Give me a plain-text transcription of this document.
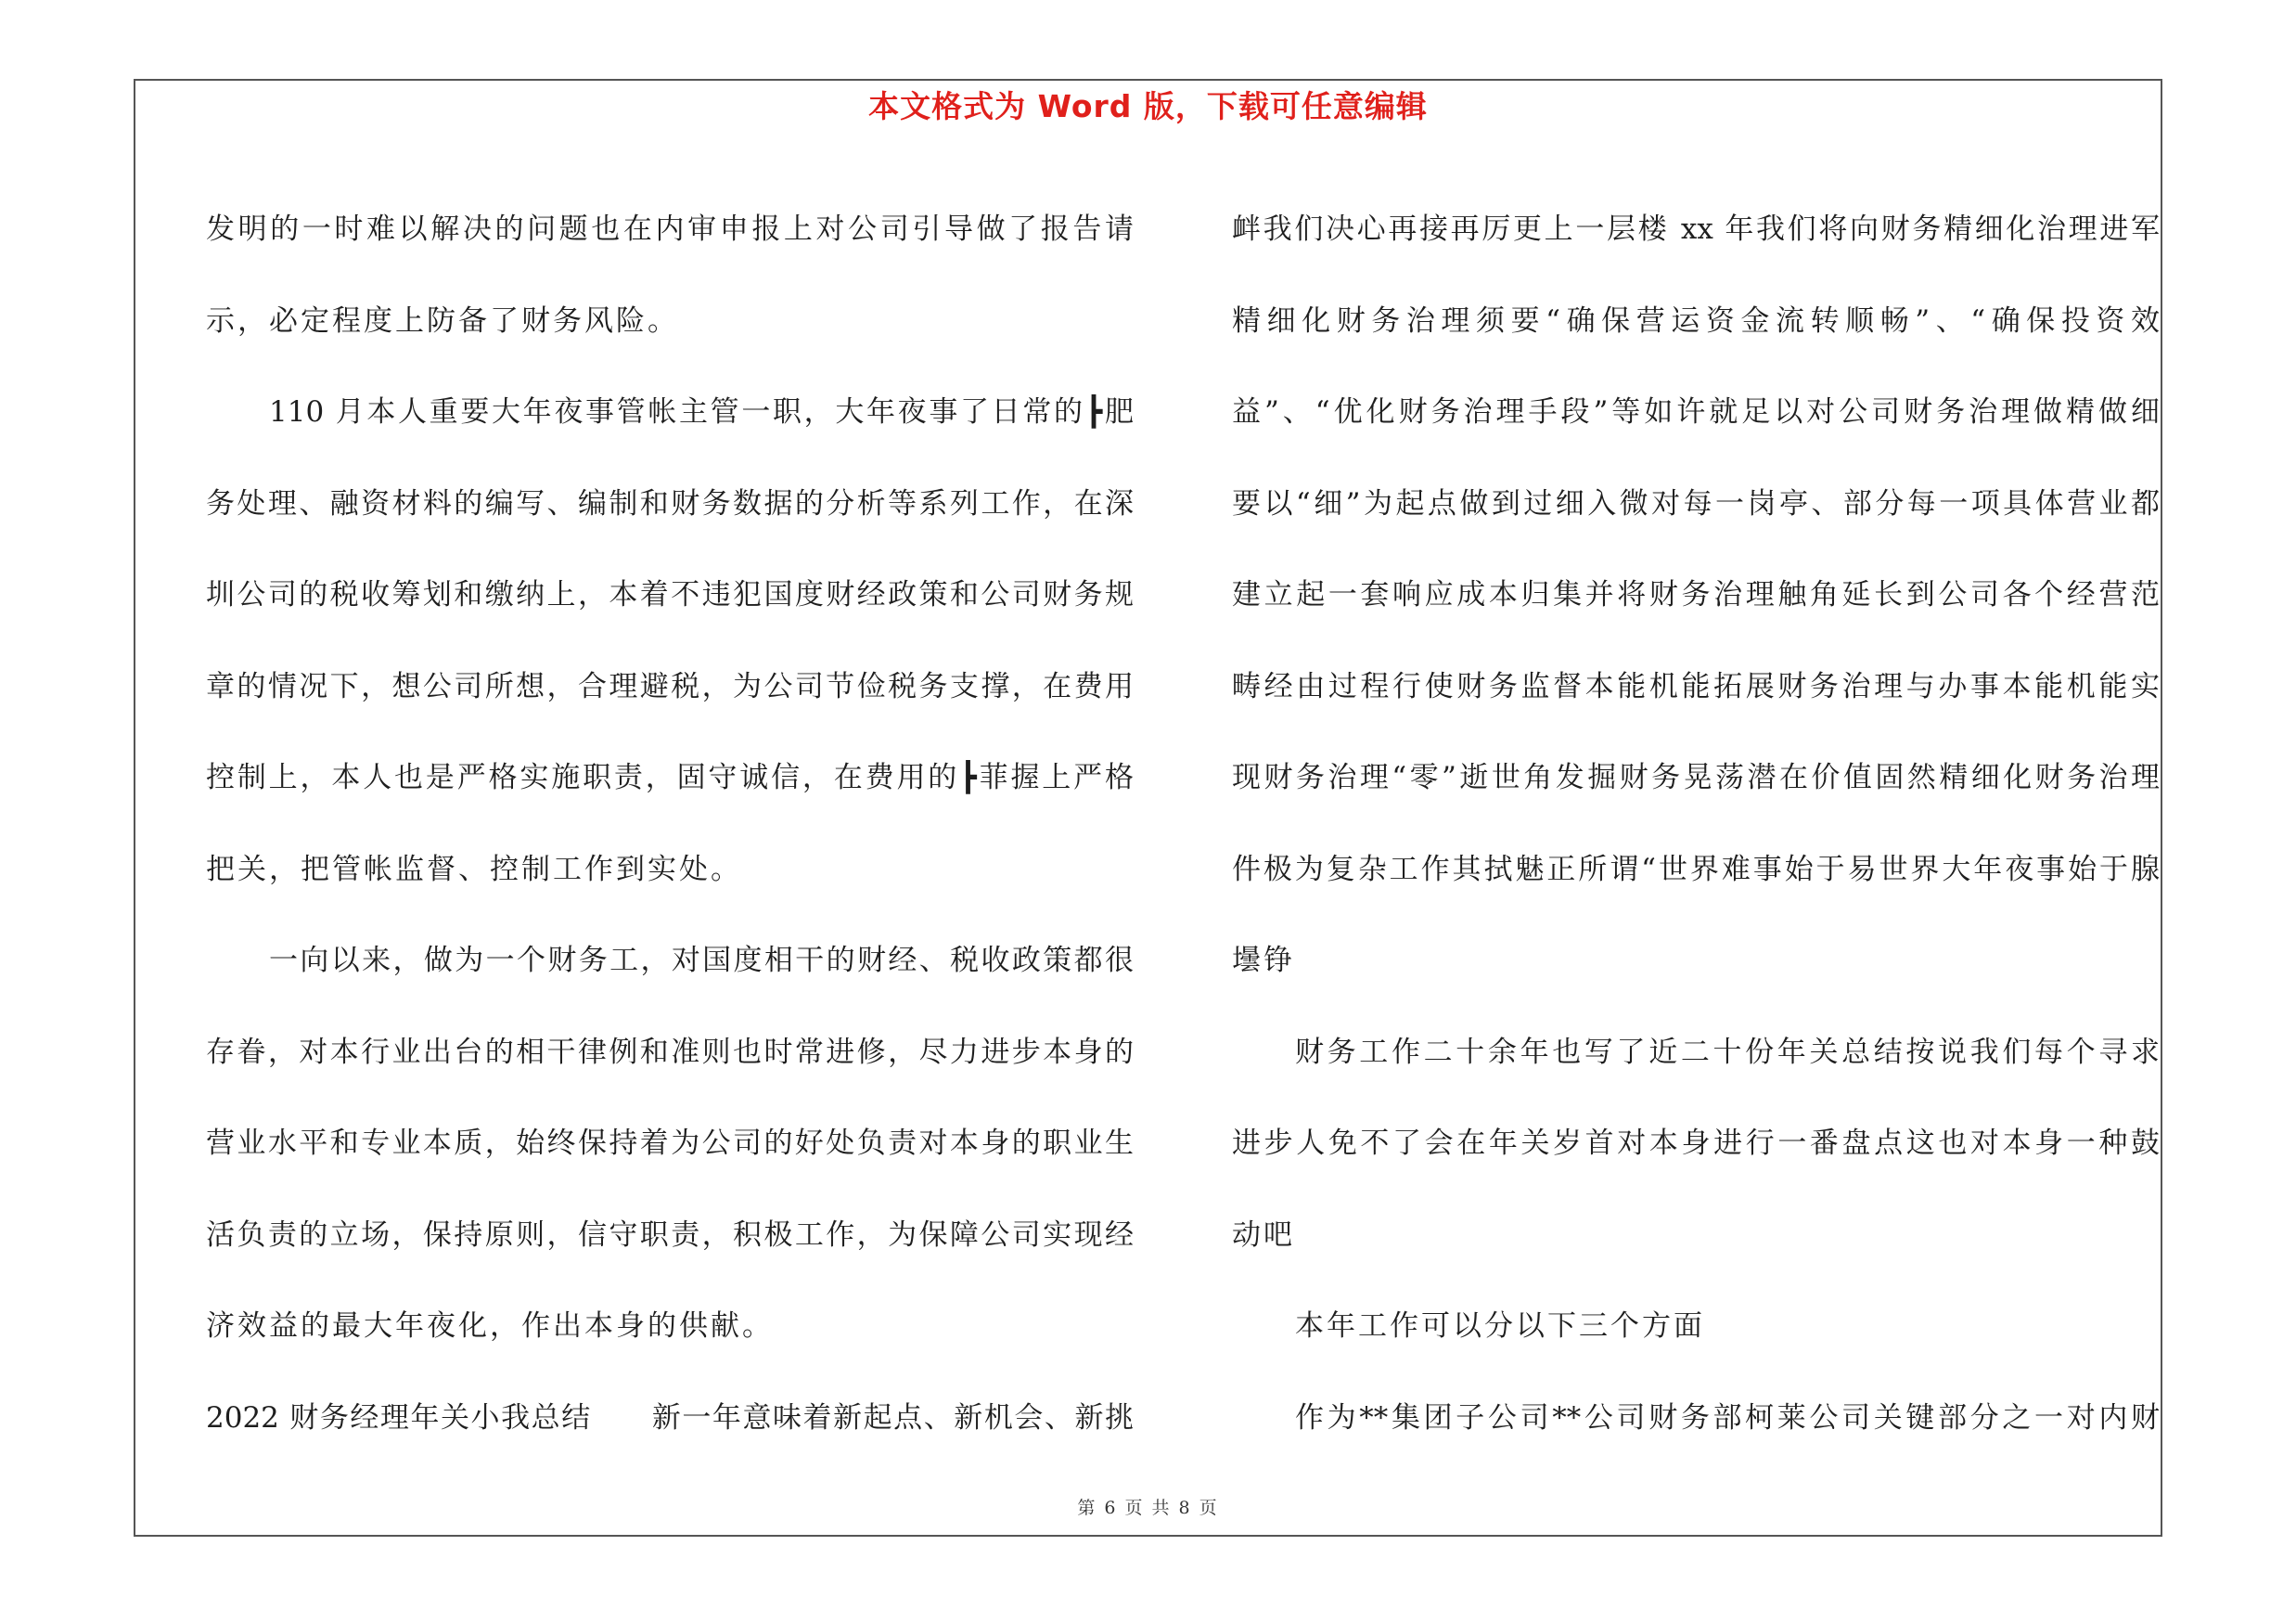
本文格式为 Word 版，下载可任意编辑
发明的一时难以解决的问题也在内审申报上对公司引导做了报告请
示，必定程度上防备了财务风险。
110 月本人重要大年夜事管帐主管一职，大年夜事了日常的┣肥
务处理、融资材料的编写、编制和财务数据的分析等系列工作，在深
圳公司的税收筹划和缴纳上，本着不违犯国度财经政策和公司财务规
章的情况下，想公司所想，合理避税，为公司节俭税务支撑，在费用
控制上，本人也是严格实施职责，固守诚信，在费用的┣菲握上严格
把关，把管帐监督、控制工作到实处。
一向以来，做为一个财务工，对国度相干的财经、税收政策都很
存眷，对本行业出台的相干律例和准则也时常进修，尽力进步本身的
营业水平和专业本质，始终保持着为公司的好处负责对本身的职业生
活负责的立场，保持原则，信守职责，积极工作，为保障公司实现经
济效益的最大年夜化，作出本身的供献。
2022 财务经理年关小我总结　　新一年意味着新起点、新机会、新挑
衅我们决心再接再厉更上一层楼 xx 年我们将向财务精细化治理进军
精细化财务治理须要“确保营运资金流转顺畅”、“确保投资效
益”、“优化财务治理手段”等如许就足以对公司财务治理做精做细
要以“细”为起点做到过细入微对每一岗亭、部分每一项具体营业都
建立起一套响应成本归集并将财务治理触角延长到公司各个经营范
畴经由过程行使财务监督本能机能拓展财务治理与办事本能机能实
现财务治理“零”逝世角发掘财务晃荡潜在价值固然精细化财务治理
件极为复杂工作其拭魅正所谓“世界难事始于易世界大年夜事始于腺
壜铮
财务工作二十余年也写了近二十份年关总结按说我们每个寻求
进步人免不了会在年关岁首对本身进行一番盘点这也对本身一种鼓
动吧
本年工作可以分以下三个方面
作为**集团子公司**公司财务部柯莱公司关键部分之一对内财
第 6 页 共 8 页
